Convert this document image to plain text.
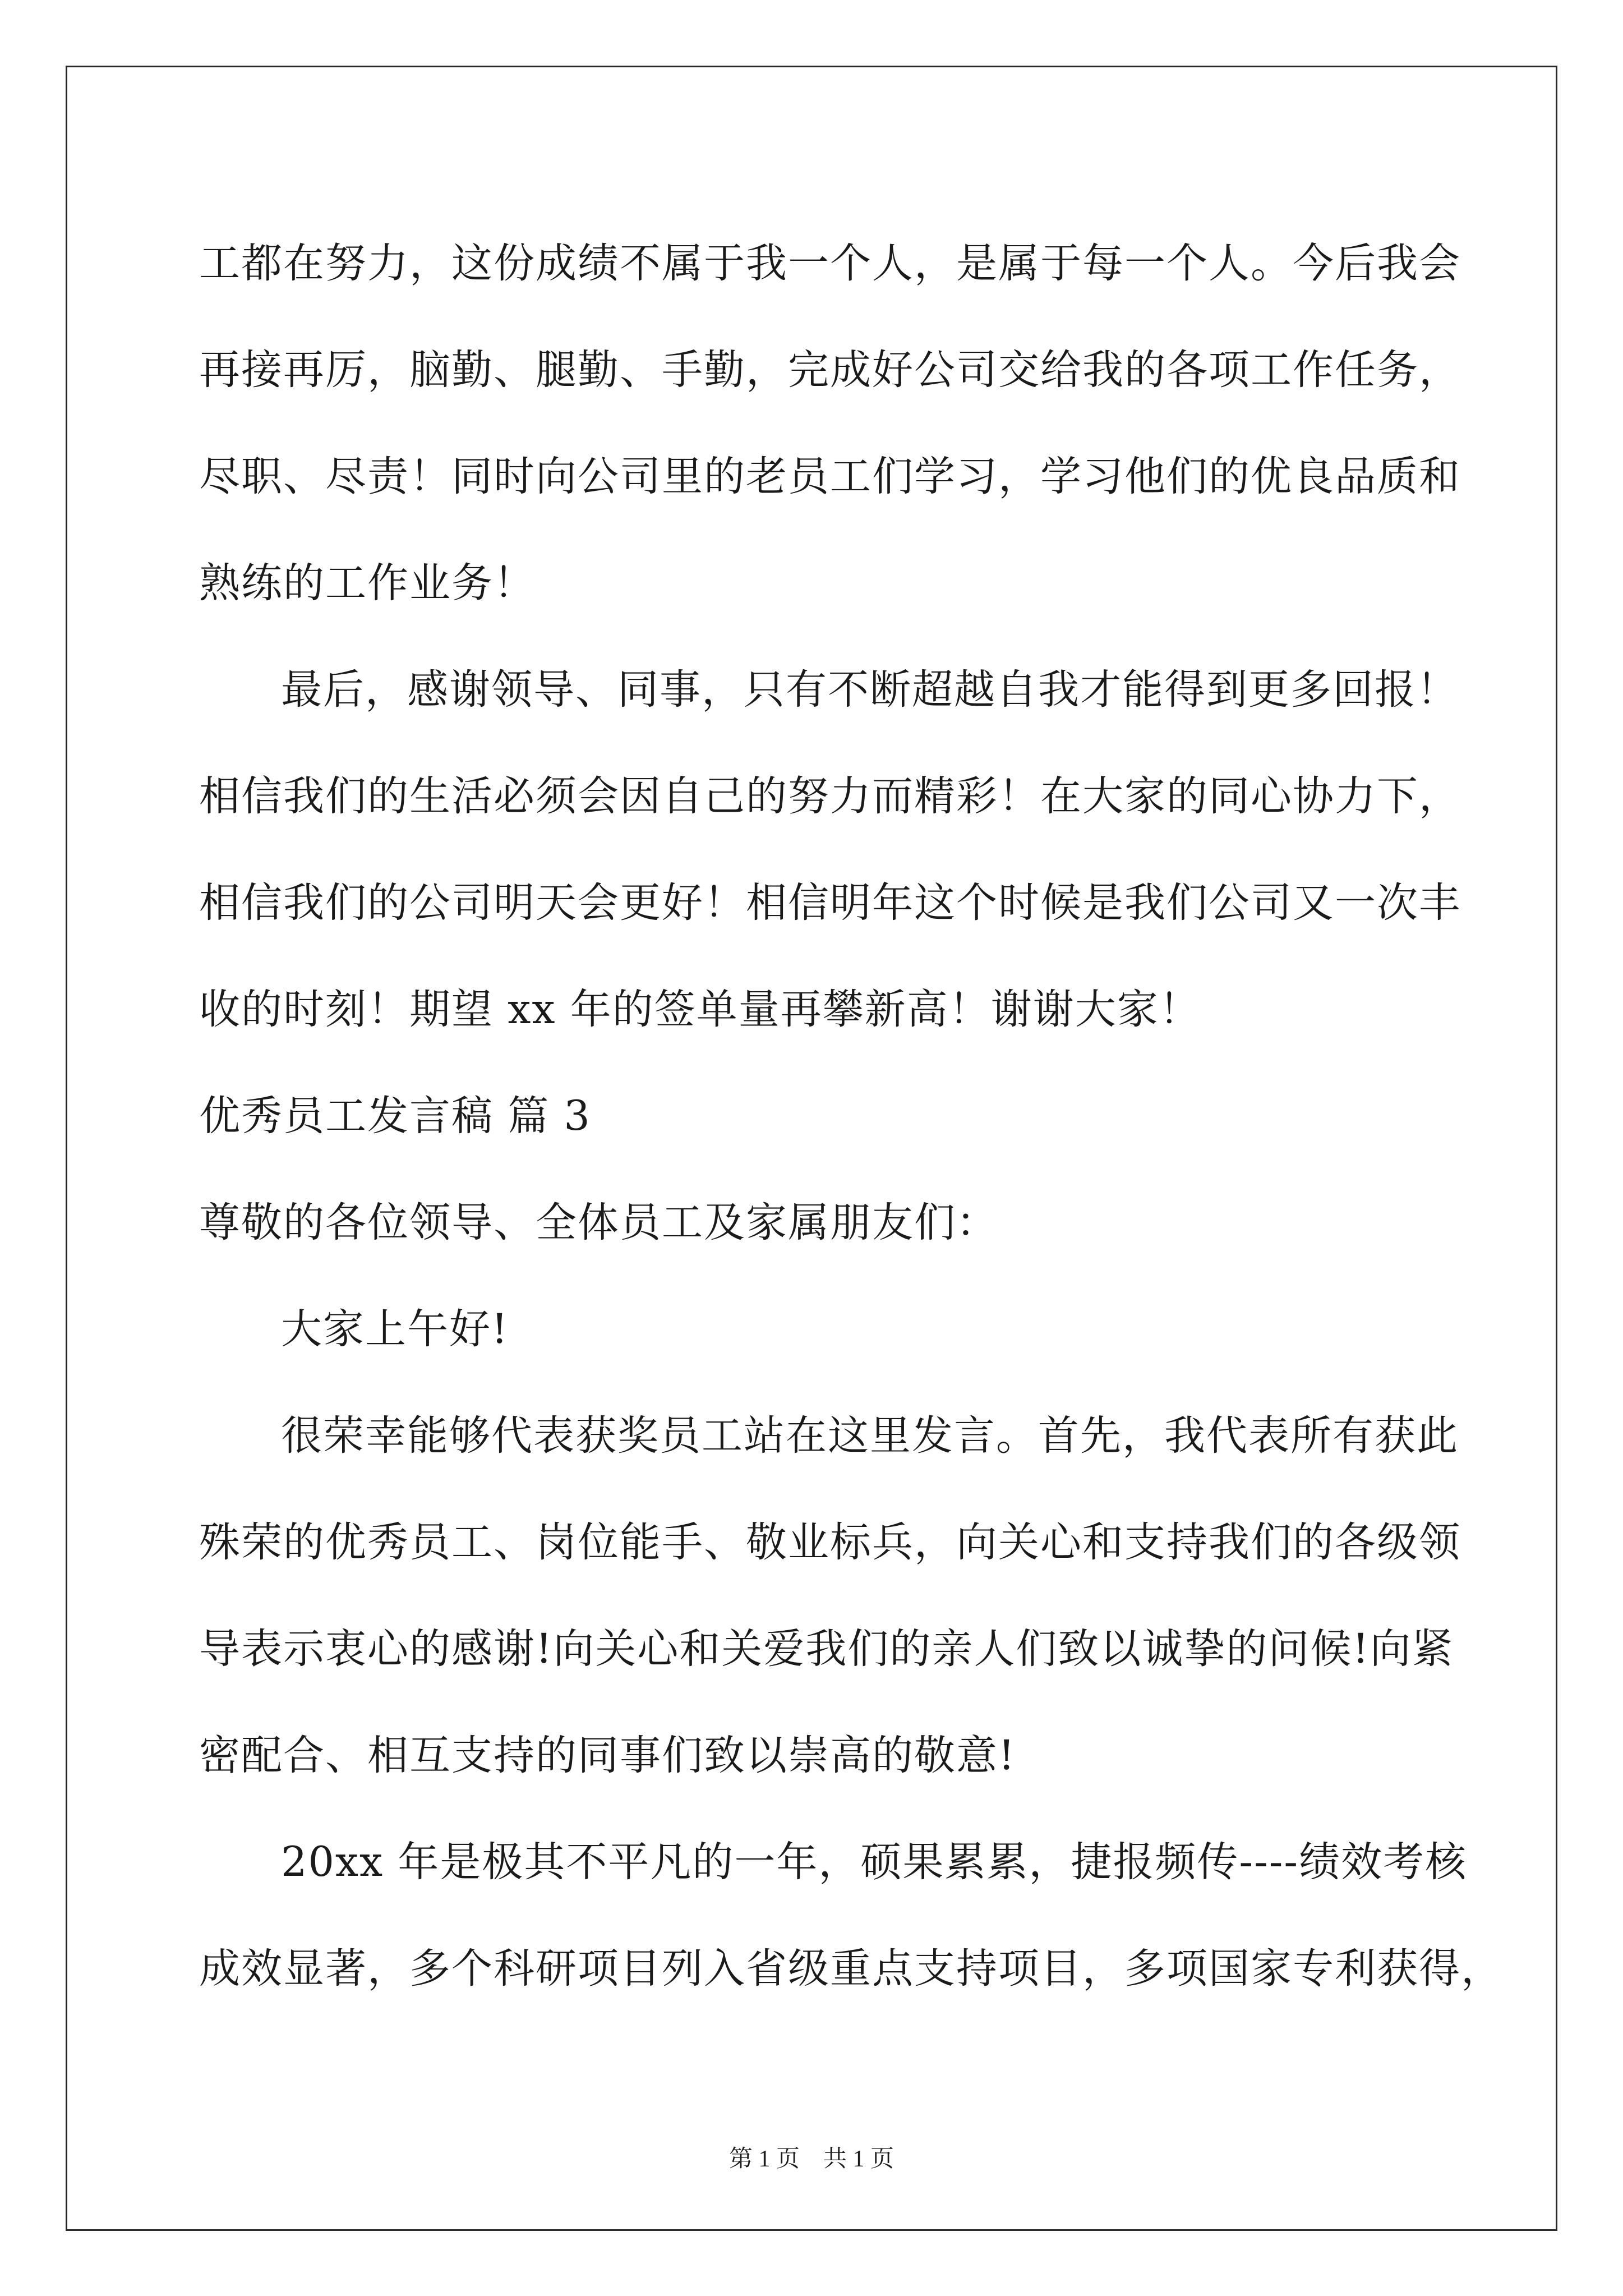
工都在努力，这份成绩不属于我一个人，是属于每一个人。今后我会
再接再厉，脑勤、腿勤、手勤，完成好公司交给我的各项工作任务，
尽职、尽责！同时向公司里的老员工们学习，学习他们的优良品质和
熟练的工作业务！
最后，感谢领导、同事，只有不断超越自我才能得到更多回报！
相信我们的生活必须会因自己的努力而精彩！在大家的同心协力下，
相信我们的公司明天会更好！相信明年这个时候是我们公司又一次丰
收的时刻！期望 xx 年的签单量再攀新高！谢谢大家！
优秀员工发言稿 篇 3
尊敬的各位领导、全体员工及家属朋友们：
大家上午好!
很荣幸能够代表获奖员工站在这里发言。首先，我代表所有获此
殊荣的优秀员工、岗位能手、敬业标兵，向关心和支持我们的各级领
导表示衷心的感谢!向关心和关爱我们的亲人们致以诚挚的问候!向紧
密配合、相互支持的同事们致以崇高的敬意!
20xx 年是极其不平凡的一年，硕果累累，捷报频传----绩效考核
成效显著，多个科研项目列入省级重点支持项目，多项国家专利获得，
第 1 页　共 1 页
